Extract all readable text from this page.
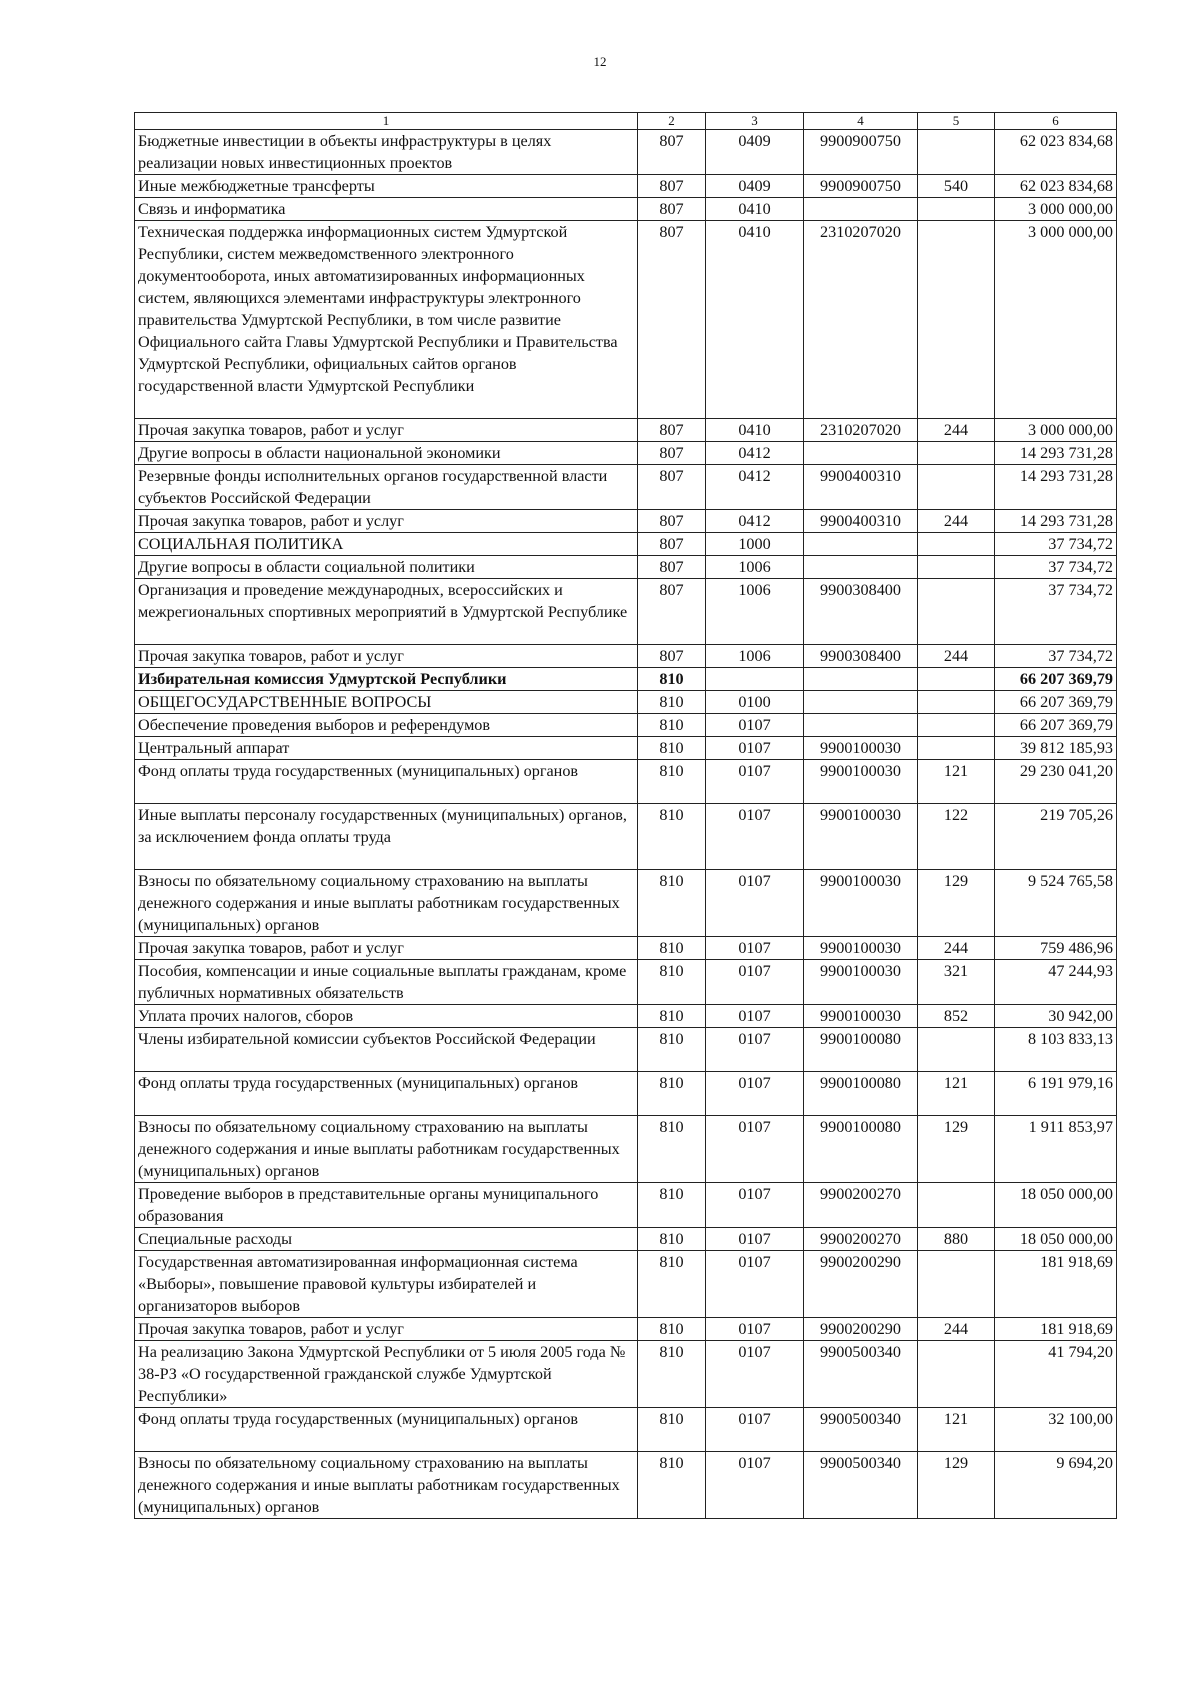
12
1	2	3	4	5	6
Бюджетные инвестиции в объекты инфраструктуры в целях реализации новых инвестиционных проектов	807	0409	9900900750		62 023 834,68
Иные межбюджетные трансферты	807	0409	9900900750	540	62 023 834,68
Связь и информатика	807	0410			3 000 000,00
Техническая поддержка информационных систем Удмуртской Республики, систем межведомственного электронного документооборота, иных автоматизированных информационных систем, являющихся элементами инфраструктуры электронного правительства Удмуртской Республики, в том числе развитие Официального сайта Главы Удмуртской Республики и Правительства Удмуртской Республики, официальных сайтов органов государственной власти Удмуртской Республики	807	0410	2310207020		3 000 000,00
Прочая закупка товаров, работ и услуг	807	0410	2310207020	244	3 000 000,00
Другие вопросы в области национальной экономики	807	0412			14 293 731,28
Резервные фонды исполнительных органов государственной власти субъектов Российской Федерации	807	0412	9900400310		14 293 731,28
Прочая закупка товаров, работ и услуг	807	0412	9900400310	244	14 293 731,28
СОЦИАЛЬНАЯ ПОЛИТИКА	807	1000			37 734,72
Другие вопросы в области социальной политики	807	1006			37 734,72
Организация и проведение международных, всероссийских и межрегиональных спортивных мероприятий в Удмуртской Республике	807	1006	9900308400		37 734,72
Прочая закупка товаров, работ и услуг	807	1006	9900308400	244	37 734,72
Избирательная комиссия Удмуртской Республики	810				66 207 369,79
ОБЩЕГОСУДАРСТВЕННЫЕ ВОПРОСЫ	810	0100			66 207 369,79
Обеспечение проведения выборов и референдумов	810	0107			66 207 369,79
Центральный аппарат	810	0107	9900100030		39 812 185,93
Фонд оплаты труда государственных (муниципальных) органов	810	0107	9900100030	121	29 230 041,20
Иные выплаты персоналу государственных (муниципальных) органов, за исключением фонда оплаты труда	810	0107	9900100030	122	219 705,26
Взносы по обязательному социальному страхованию на выплаты денежного содержания и иные выплаты работникам государственных (муниципальных) органов	810	0107	9900100030	129	9 524 765,58
Прочая закупка товаров, работ и услуг	810	0107	9900100030	244	759 486,96
Пособия, компенсации и иные социальные выплаты гражданам, кроме публичных нормативных обязательств	810	0107	9900100030	321	47 244,93
Уплата прочих налогов, сборов	810	0107	9900100030	852	30 942,00
Члены избирательной комиссии субъектов Российской Федерации	810	0107	9900100080		8 103 833,13
Фонд оплаты труда государственных (муниципальных) органов	810	0107	9900100080	121	6 191 979,16
Взносы по обязательному социальному страхованию на выплаты денежного содержания и иные выплаты работникам государственных (муниципальных) органов	810	0107	9900100080	129	1 911 853,97
Проведение выборов в представительные органы муниципального образования	810	0107	9900200270		18 050 000,00
Специальные расходы	810	0107	9900200270	880	18 050 000,00
Государственная автоматизированная информационная система «Выборы», повышение правовой культуры избирателей и организаторов выборов	810	0107	9900200290		181 918,69
Прочая закупка товаров, работ и услуг	810	0107	9900200290	244	181 918,69
На реализацию Закона Удмуртской Республики от 5 июля 2005 года № 38-РЗ «О государственной гражданской службе Удмуртской Республики»	810	0107	9900500340		41 794,20
Фонд оплаты труда государственных (муниципальных) органов	810	0107	9900500340	121	32 100,00
Взносы по обязательному социальному страхованию на выплаты денежного содержания и иные выплаты работникам государственных (муниципальных) органов	810	0107	9900500340	129	9 694,20
